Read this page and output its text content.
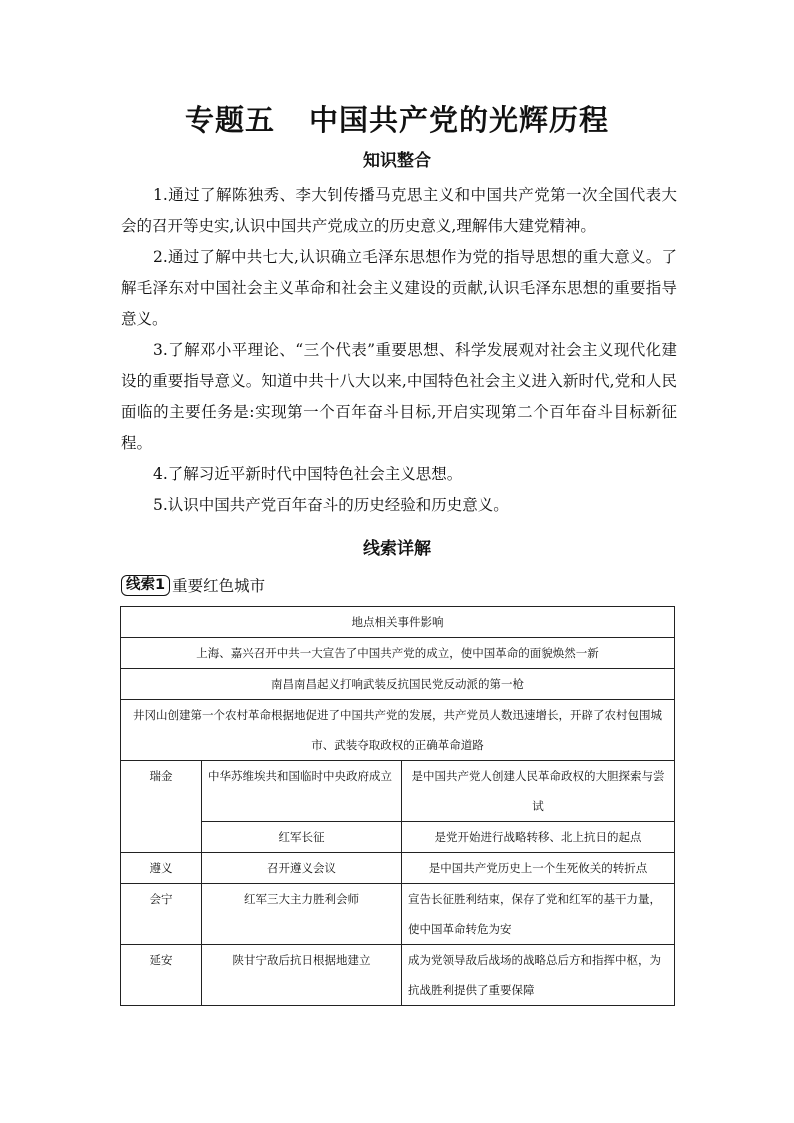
专题五 中国共产党的光辉历程
知识整合
1.通过了解陈独秀、李大钊传播马克思主义和中国共产党第一次全国代表大会的召开等史实,认识中国共产党成立的历史意义,理解伟大建党精神。
2.通过了解中共七大,认识确立毛泽东思想作为党的指导思想的重大意义。了解毛泽东对中国社会主义革命和社会主义建设的贡献,认识毛泽东思想的重要指导意义。
3.了解邓小平理论、“三个代表”重要思想、科学发展观对社会主义现代化建设的重要指导意义。知道中共十八大以来,中国特色社会主义进入新时代,党和人民面临的主要任务是:实现第一个百年奋斗目标,开启实现第二个百年奋斗目标新征程。
4.了解习近平新时代中国特色社会主义思想。
5.认识中国共产党百年奋斗的历史经验和历史意义。
线索详解
线索1 重要红色城市
地点相关事件影响		
上海、嘉兴召开中共一大宣告了中国共产党的成立，使中国革命的面貌焕然一新		
南昌南昌起义打响武装反抗国民党反动派的第一枪		
井冈山创建第一个农村革命根据地促进了中国共产党的发展，共产党员人数迅速增长，开辟了农村包围城市、武装夺取政权的正确革命道路		
瑞金	中华苏维埃共和国临时中央政府成立	是中国共产党人创建人民革命政权的大胆探索与尝试
	红军长征	是党开始进行战略转移、北上抗日的起点
遵义	召开遵义会议	是中国共产党历史上一个生死攸关的转折点
会宁	红军三大主力胜利会师	宣告长征胜利结束，保存了党和红军的基干力量，使中国革命转危为安
延安	陕甘宁敌后抗日根据地建立	成为党领导敌后战场的战略总后方和指挥中枢，为抗战胜利提供了重要保障
